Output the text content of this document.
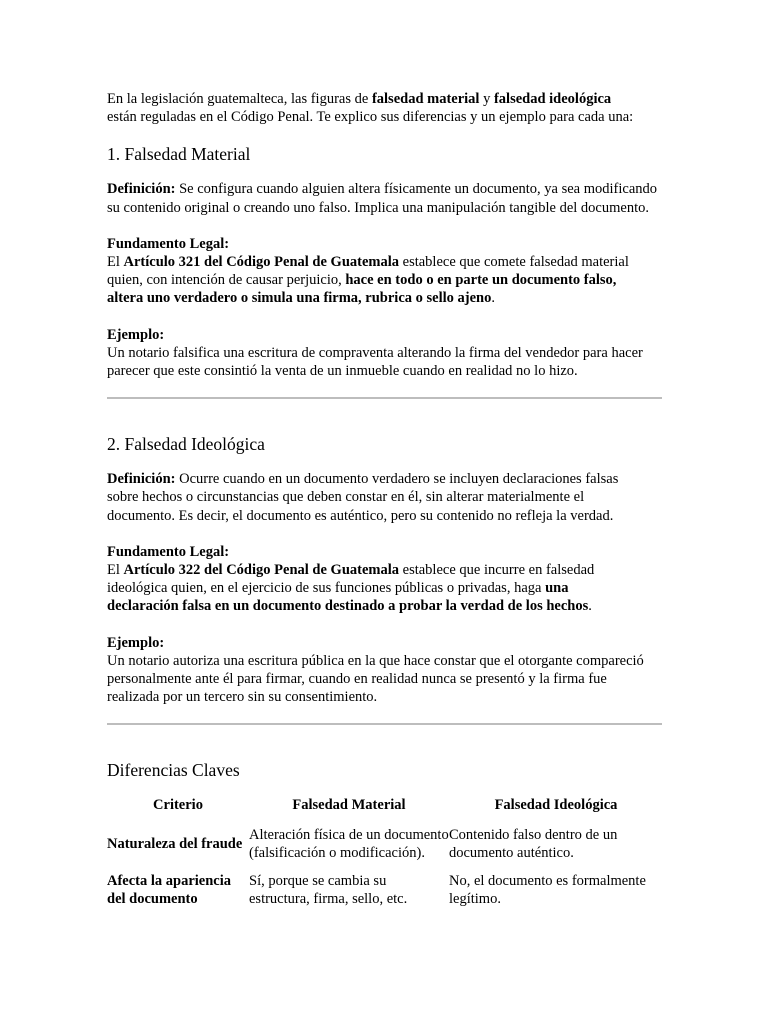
En la legislación guatemalteca, las figuras de falsedad material y falsedad ideológica
están reguladas en el Código Penal. Te explico sus diferencias y un ejemplo para cada una:

1. Falsedad Material

Definición: Se configura cuando alguien altera físicamente un documento, ya sea modificando su contenido original o creando uno falso. Implica una manipulación tangible del documento.

Fundamento Legal:
El Artículo 321 del Código Penal de Guatemala establece que comete falsedad material quien, con intención de causar perjuicio, hace en todo o en parte un documento falso, altera uno verdadero o simula una firma, rubrica o sello ajeno.

Ejemplo:
Un notario falsifica una escritura de compraventa alterando la firma del vendedor para hacer parecer que este consintió la venta de un inmueble cuando en realidad no lo hizo.

2. Falsedad Ideológica

Definición: Ocurre cuando en un documento verdadero se incluyen declaraciones falsas sobre hechos o circunstancias que deben constar en él, sin alterar materialmente el documento. Es decir, el documento es auténtico, pero su contenido no refleja la verdad.

Fundamento Legal:
El Artículo 322 del Código Penal de Guatemala establece que incurre en falsedad ideológica quien, en el ejercicio de sus funciones públicas o privadas, haga una declaración falsa en un documento destinado a probar la verdad de los hechos.

Ejemplo:
Un notario autoriza una escritura pública en la que hace constar que el otorgante compareció personalmente ante él para firmar, cuando en realidad nunca se presentó y la firma fue realizada por un tercero sin su consentimiento.

Diferencias Claves
Criterio	Falsedad Material	Falsedad Ideológica
Naturaleza del fraude	Alteración física de un documento (falsificación o modificación).	Contenido falso dentro de un documento auténtico.
Afecta la apariencia del documento	Sí, porque se cambia su estructura, firma, sello, etc.	No, el documento es formalmente legítimo.
